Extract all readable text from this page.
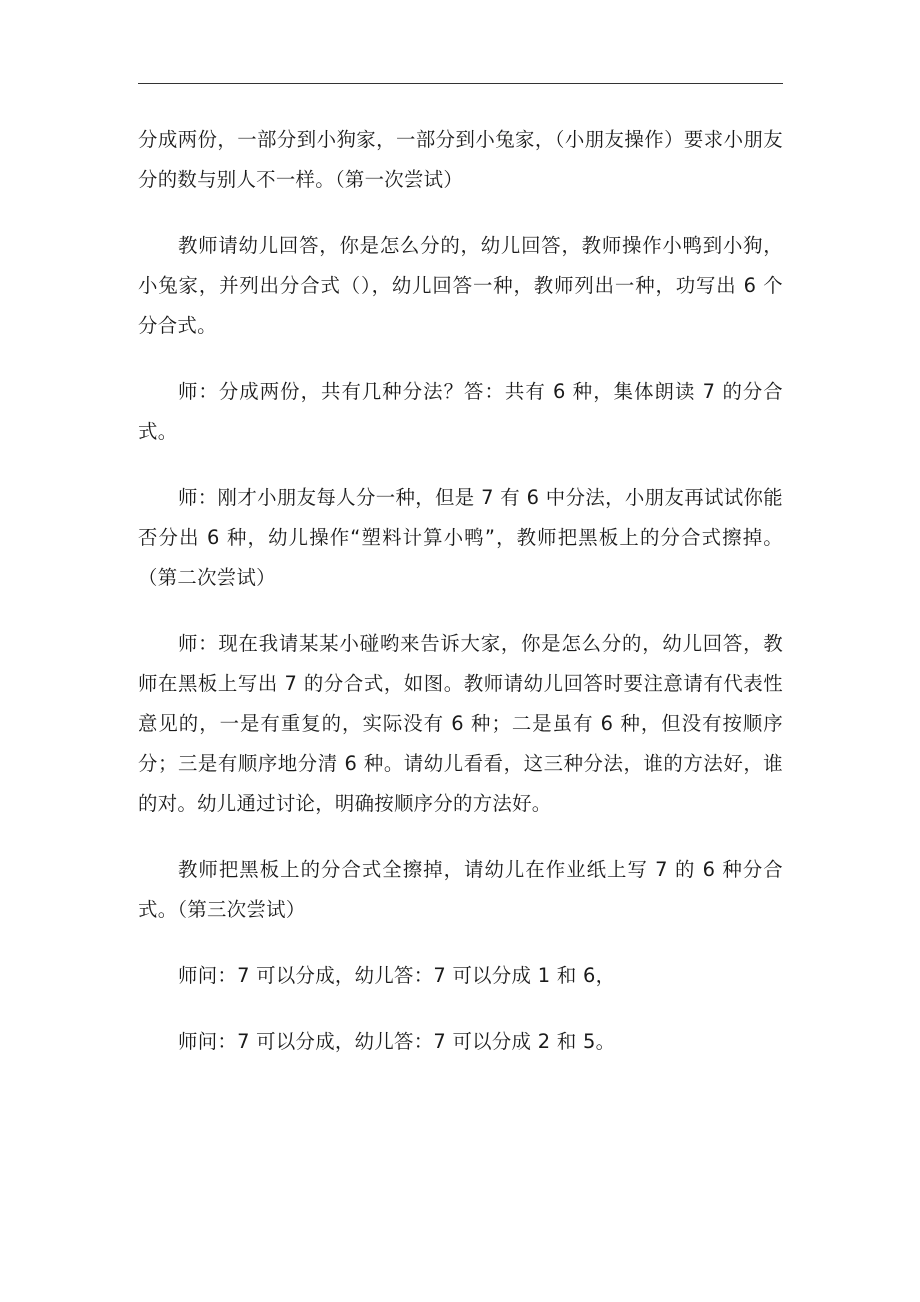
分成两份，一部分到小狗家，一部分到小兔家，（小朋友操作）要求小朋友分的数与别人不一样。（第一次尝试）

教师请幼儿回答，你是怎么分的，幼儿回答，教师操作小鸭到小狗，小兔家，并列出分合式（），幼儿回答一种，教师列出一种，功写出 6 个分合式。

师：分成两份，共有几种分法？答：共有 6 种，集体朗读 7 的分合式。

师：刚才小朋友每人分一种，但是 7 有 6 中分法，小朋友再试试你能否分出 6 种，幼儿操作“塑料计算小鸭”，教师把黑板上的分合式擦掉。（第二次尝试）

师：现在我请某某小碰哟来告诉大家，你是怎么分的，幼儿回答，教师在黑板上写出 7 的分合式，如图。教师请幼儿回答时要注意请有代表性意见的，一是有重复的，实际没有 6 种；二是虽有 6 种，但没有按顺序分；三是有顺序地分清 6 种。请幼儿看看，这三种分法，谁的方法好，谁的对。幼儿通过讨论，明确按顺序分的方法好。

教师把黑板上的分合式全擦掉，请幼儿在作业纸上写 7 的 6 种分合式。（第三次尝试）

师问：7 可以分成，幼儿答：7 可以分成 1 和 6，

师问：7 可以分成，幼儿答：7 可以分成 2 和 5。
